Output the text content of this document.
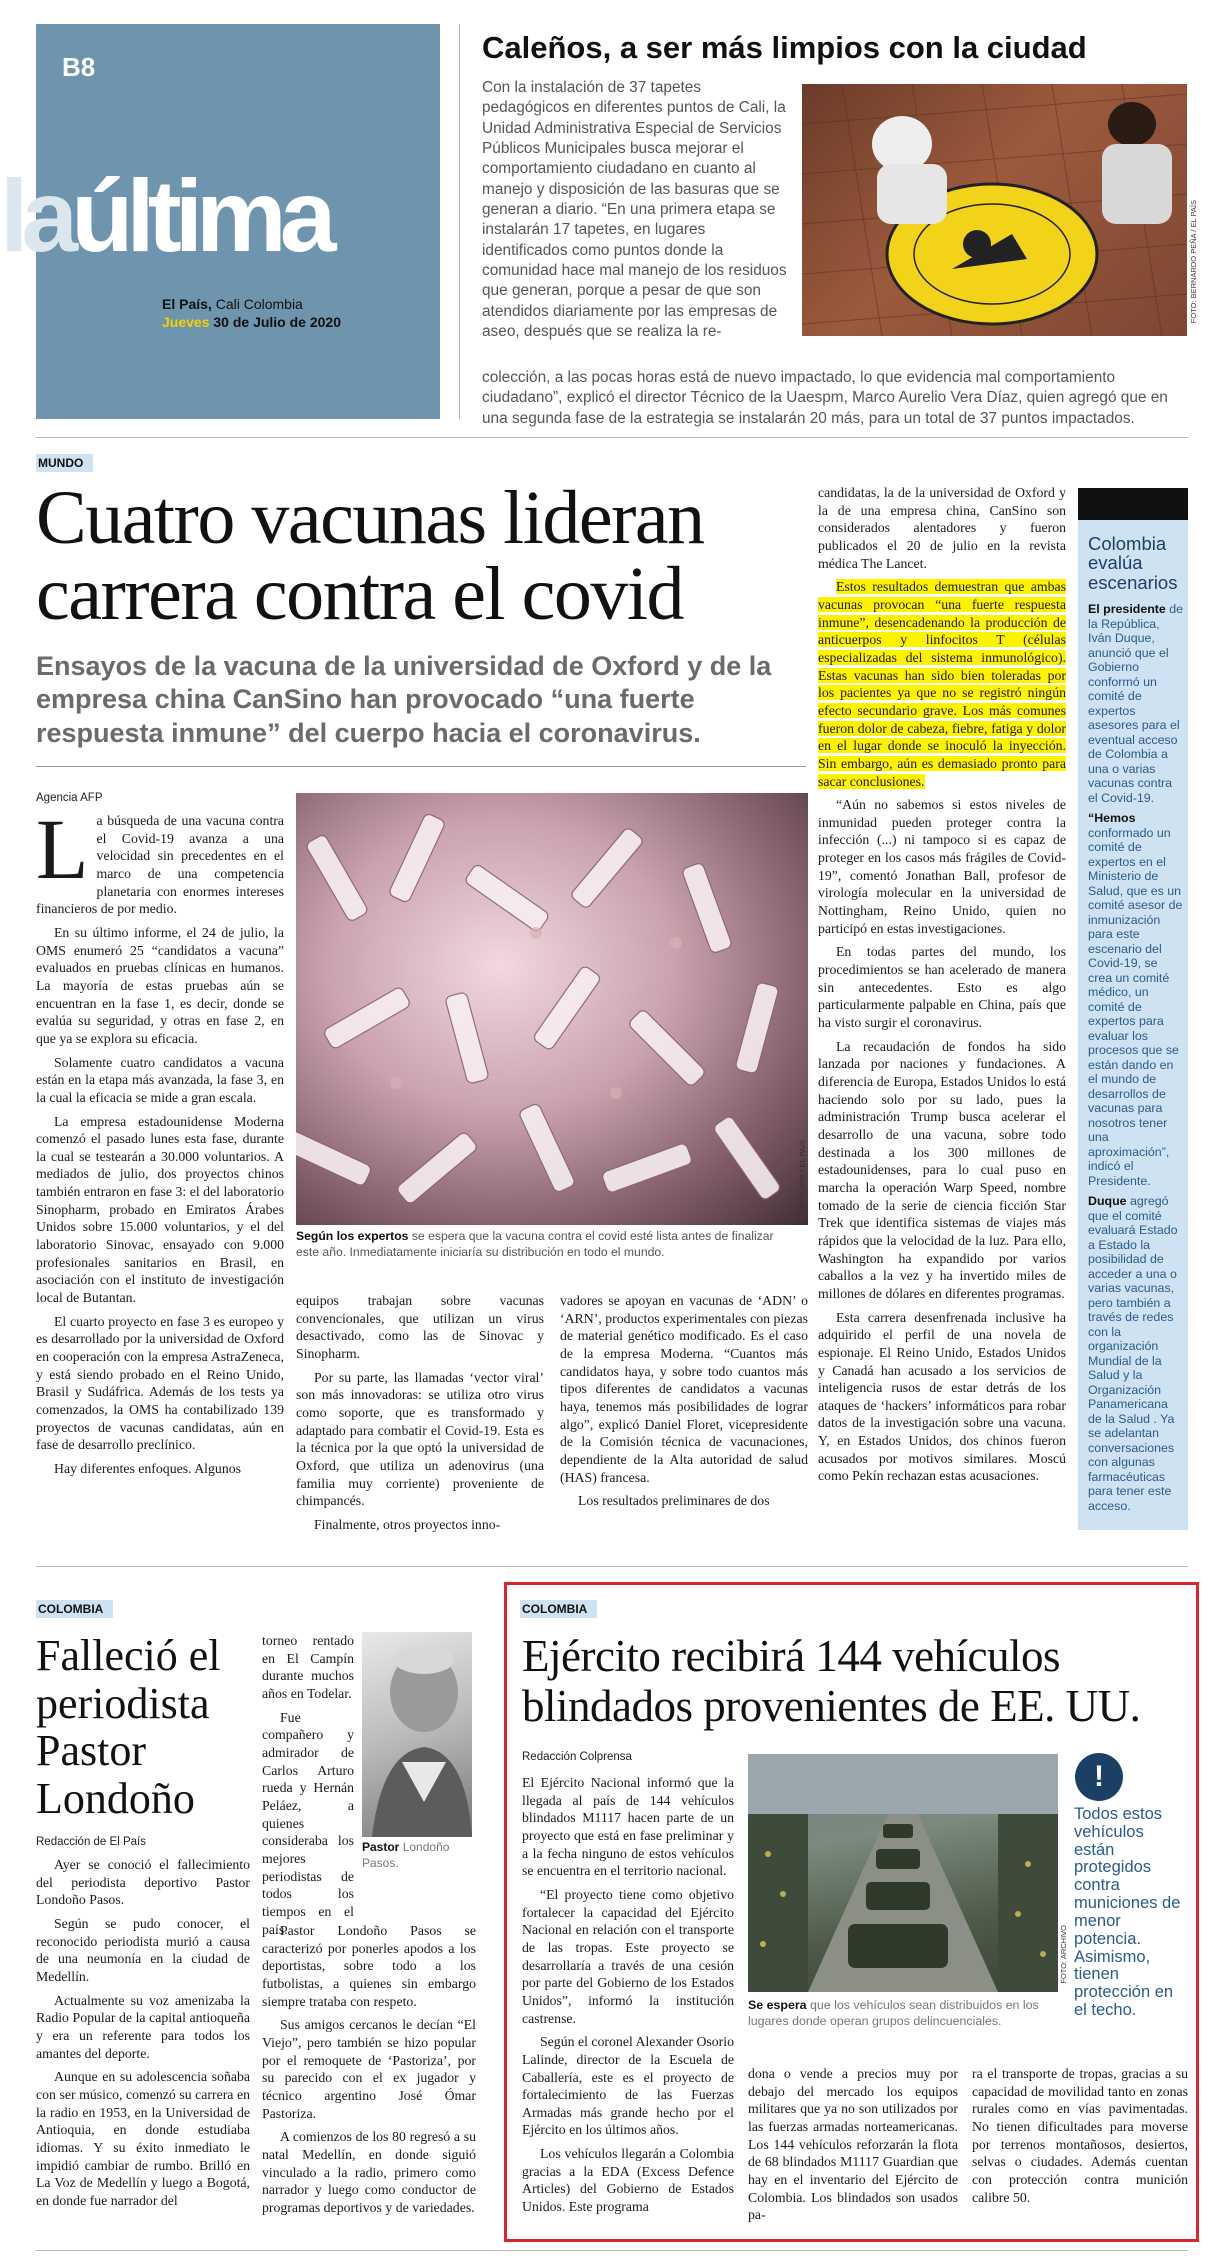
B8
laúltima
El País, Cali Colombia
Jueves 30 de Julio de 2020
Caleños, a ser más limpios con la ciudad
Con la instalación de 37 tapetes pedagógicos en diferentes puntos de Cali, la Unidad Administrativa Especial de Servicios Públicos Municipales busca mejorar el comportamiento ciudadano en cuanto al manejo y disposición de las basuras que se generan a diario. “En una primera etapa se instalarán 17 tapetes, en lugares identificados como puntos donde la comunidad hace mal manejo de los residuos que generan, porque a pesar de que son atendidos diariamente por las empresas de aseo, después que se realiza la re-
FOTO: BERNARDO PEÑA / EL PAÍS
colección, a las pocas horas está de nuevo impactado, lo que evidencia mal comportamiento ciudadano”, explicó el director Técnico de la Uaespm, Marco Aurelio Vera Díaz, quien agregó que en una segunda fase de la estrategia se instalarán 20 más, para un total de 37 puntos impactados.
MUNDO
Cuatro vacunas lideran carrera contra el covid
Ensayos de la vacuna de la universidad de Oxford y de la empresa china CanSino han provocado “una fuerte respuesta inmune” del cuerpo hacia el coronavirus.
Agencia AFP

La búsqueda de una vacuna contra el Covid-19 avanza a una velocidad sin precedentes en el marco de una competencia planetaria con enormes intereses financieros de por medio.

En su último informe, el 24 de julio, la OMS enumeró 25 “candidatos a vacuna” evaluados en pruebas clínicas en humanos. La mayoría de estas pruebas aún se encuentran en la fase 1, es decir, donde se evalúa su seguridad, y otras en fase 2, en que ya se explora su eficacia.

Solamente cuatro candidatos a vacuna están en la etapa más avanzada, la fase 3, en la cual la eficacia se mide a gran escala.

La empresa estadounidense Moderna comenzó el pasado lunes esta fase, durante la cual se testearán a 30.000 voluntarios. A mediados de julio, dos proyectos chinos también entraron en fase 3: el del laboratorio Sinopharm, probado en Emiratos Árabes Unidos sobre 15.000 voluntarios, y el del laboratorio Sinovac, ensayado con 9.000 profesionales sanitarios en Brasil, en asociación con el instituto de investigación local de Butantan.

El cuarto proyecto en fase 3 es europeo y es desarrollado por la universidad de Oxford en cooperación con la empresa AstraZeneca, y está siendo probado en el Reino Unido, Brasil y Sudáfrica. Además de los tests ya comenzados, la OMS ha contabilizado 139 proyectos de vacunas candidatas, aún en fase de desarrollo preclínico.

Hay diferentes enfoques. Algunos

FOTO: AFP / EL PAÍS
Según los expertos se espera que la vacuna contra el covid esté lista antes de finalizar este año. Inmediatamente iniciaría su distribución en todo el mundo.

equipos trabajan sobre vacunas convencionales, que utilizan un virus desactivado, como las de Sinovac y Sinopharm.

Por su parte, las llamadas ‘vector viral’ son más innovadoras: se utiliza otro virus como soporte, que es transformado y adaptado para combatir el Covid-19. Esta es la técnica por la que optó la universidad de Oxford, que utiliza un adenovirus (una familia muy corriente) proveniente de chimpancés.

Finalmente, otros proyectos inno-

vadores se apoyan en vacunas de ‘ADN’ o ‘ARN’, productos experimentales con piezas de material genético modificado. Es el caso de la empresa Moderna. “Cuantos más candidatos haya, y sobre todo cuantos más tipos diferentes de candidatos a vacunas haya, tenemos más posibilidades de lograr algo”, explicó Daniel Floret, vicepresidente de la Comisión técnica de vacunaciones, dependiente de la Alta autoridad de salud (HAS) francesa.

Los resultados preliminares de dos

candidatas, la de la universidad de Oxford y la de una empresa china, CanSino son considerados alentadores y fueron publicados el 20 de julio en la revista médica The Lancet.

Estos resultados demuestran que ambas vacunas provocan “una fuerte respuesta inmune”, desencadenando la producción de anticuerpos y linfocitos T (células especializadas del sistema inmunológico). Estas vacunas han sido bien toleradas por los pacientes ya que no se registró ningún efecto secundario grave. Los más comunes fueron dolor de cabeza, fiebre, fatiga y dolor en el lugar donde se inoculó la inyección. Sin embargo, aún es demasiado pronto para sacar conclusiones.

“Aún no sabemos si estos niveles de inmunidad pueden proteger contra la infección (...) ni tampoco si es capaz de proteger en los casos más frágiles de Covid-19”, comentó Jonathan Ball, profesor de virología molecular en la universidad de Nottingham, Reino Unido, quien no participó en estas investigaciones.

En todas partes del mundo, los procedimientos se han acelerado de manera sin antecedentes. Esto es algo particularmente palpable en China, país que ha visto surgir el coronavirus.

La recaudación de fondos ha sido lanzada por naciones y fundaciones. A diferencia de Europa, Estados Unidos lo está haciendo solo por su lado, pues la administración Trump busca acelerar el desarrollo de una vacuna, sobre todo destinada a los 300 millones de estadounidenses, para lo cual puso en marcha la operación Warp Speed, nombre tomado de la serie de ciencia ficción Star Trek que identifica sistemas de viajes más rápidos que la velocidad de la luz. Para ello, Washington ha expandido por varios caballos a la vez y ha invertido miles de millones de dólares en diferentes programas.

Esta carrera desenfrenada inclusive ha adquirido el perfil de una novela de espionaje. El Reino Unido, Estados Unidos y Canadá han acusado a los servicios de inteligencia rusos de estar detrás de los ataques de ‘hackers’ informáticos para robar datos de la investigación sobre una vacuna. Y, en Estados Unidos, dos chinos fueron acusados por motivos similares. Moscú como Pekín rechazan estas acusaciones.

Colombia evalúa escenarios

El presidente de la República, Iván Duque, anunció que el Gobierno conformó un comité de expertos asesores para el eventual acceso de Colombia a una o varias vacunas contra el Covid-19.

“Hemos conformado un comité de expertos en el Ministerio de Salud, que es un comité asesor de inmunización para este escenario del Covid-19, se crea un comité médico, un comité de expertos para evaluar los procesos que se están dando en el mundo de desarrollos de vacunas para nosotros tener una aproximación”, indicó el Presidente.

Duque agregó que el comité evaluará Estado a Estado la posibilidad de acceder a una o varias vacunas, pero también a través de redes con la organización Mundial de la Salud y la Organización Panamericana de la Salud . Ya se adelantan conversaciones con algunas farmacéuticas para tener este acceso.

COLOMBIA
Falleció el periodista Pastor Londoño
Redacción de El País

Ayer se conoció el fallecimiento del periodista deportivo Pastor Londoño Pasos.

Según se pudo conocer, el reconocido periodista murió a causa de una neumonía en la ciudad de Medellín.

Actualmente su voz amenizaba la Radio Popular de la capital antioqueña y era un referente para todos los amantes del deporte.

Aunque en su adolescencia soñaba con ser músico, comenzó su carrera en la radio en 1953, en la Universidad de Antioquia, en donde estudiaba idiomas. Y su éxito inmediato le impidió cambiar de rumbo. Brilló en La Voz de Medellín y luego a Bogotá, en donde fue narrador del

torneo rentado en El Campín durante muchos años en Todelar.

Fue compañero y admirador de Carlos Arturo rueda y Hernán Peláez, a quienes consideraba los mejores periodistas de todos los tiempos en el país.

Pastor Londoño Pasos.

Pastor Londoño Pasos se caracterizó por ponerles apodos a los deportistas, sobre todo a los futbolistas, a quienes sin embargo siempre trataba con respeto.

Sus amigos cercanos le decían “El Viejo”, pero también se hizo popular por el remoquete de ‘Pastoriza’, por su parecido con el ex jugador y técnico argentino José Ómar Pastoriza.

A comienzos de los 80 regresó a su natal Medellín, en donde siguió vinculado a la radio, primero como narrador y luego como conductor de programas deportivos y de variedades.

COLOMBIA
Ejército recibirá 144 vehículos blindados provenientes de EE. UU.
Redacción Colprensa

El Ejército Nacional informó que la llegada al país de 144 vehículos blindados M1117 hacen parte de un proyecto que está en fase preliminar y a la fecha ninguno de estos vehículos se encuentra en el territorio nacional.

“El proyecto tiene como objetivo fortalecer la capacidad del Ejército Nacional en relación con el transporte de las tropas. Este proyecto se desarrollaría a través de una cesión por parte del Gobierno de los Estados Unidos”, informó la institución castrense.

Según el coronel Alexander Osorio Lalinde, director de la Escuela de Caballería, este es el proyecto de fortalecimiento de las Fuerzas Armadas más grande hecho por el Ejército en los últimos años.

Los vehículos llegarán a Colombia gracias a la EDA (Excess Defence Articles) del Gobierno de Estados Unidos. Este programa

FOTO: ARCHIVO
Se espera que los vehículos sean distribuidos en los lugares donde operan grupos delincuenciales.
!
Todos estos vehículos están protegidos contra municiones de menor potencia. Asimismo, tienen protección en el techo.

dona o vende a precios muy por debajo del mercado los equipos militares que ya no son utilizados por las fuerzas armadas norteamericanas. Los 144 vehículos reforzarán la flota de 68 blindados M1117 Guardian que hay en el inventario del Ejército de Colombia. Los blindados son usados pa-

ra el transporte de tropas, gracias a su capacidad de movilidad tanto en zonas rurales como en vías pavimentadas. No tienen dificultades para moverse por terrenos montañosos, desiertos, selvas o ciudades. Además cuentan con protección contra munición calibre 50.
